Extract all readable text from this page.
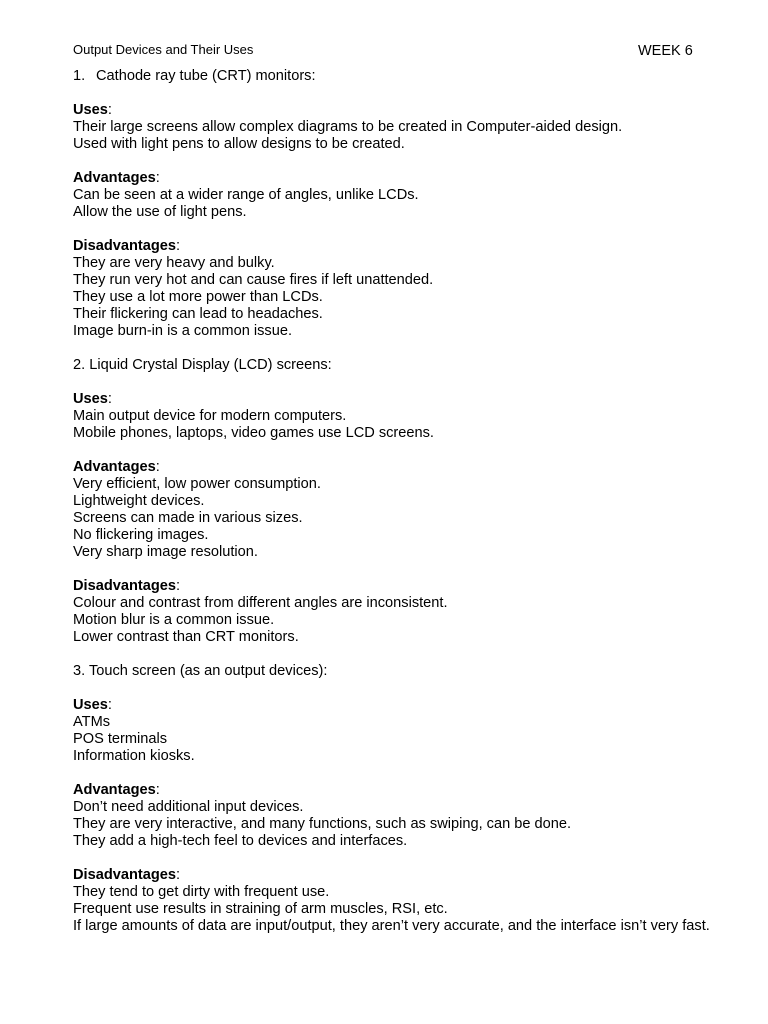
Output Devices and Their Uses	WEEK 6
1. Cathode ray tube (CRT) monitors:
Uses:
Their large screens allow complex diagrams to be created in Computer-aided design.
Used with light pens to allow designs to be created.
Advantages:
Can be seen at a wider range of angles, unlike LCDs.
Allow the use of light pens.
Disadvantages:
They are very heavy and bulky.
They run very hot and can cause fires if left unattended.
They use a lot more power than LCDs.
Their flickering can lead to headaches.
Image burn-in is a common issue.
2. Liquid Crystal Display (LCD) screens:
Uses:
Main output device for modern computers.
Mobile phones, laptops, video games use LCD screens.
Advantages:
Very efficient, low power consumption.
Lightweight devices.
Screens can made in various sizes.
No flickering images.
Very sharp image resolution.
Disadvantages:
Colour and contrast from different angles are inconsistent.
Motion blur is a common issue.
Lower contrast than CRT monitors.
3. Touch screen (as an output devices):
Uses:
ATMs
POS terminals
Information kiosks.
Advantages:
Don’t need additional input devices.
They are very interactive, and many functions, such as swiping, can be done.
They add a high-tech feel to devices and interfaces.
Disadvantages:
They tend to get dirty with frequent use.
Frequent use results in straining of arm muscles, RSI, etc.
If large amounts of data are input/output, they aren’t very accurate, and the interface isn’t very fast.
